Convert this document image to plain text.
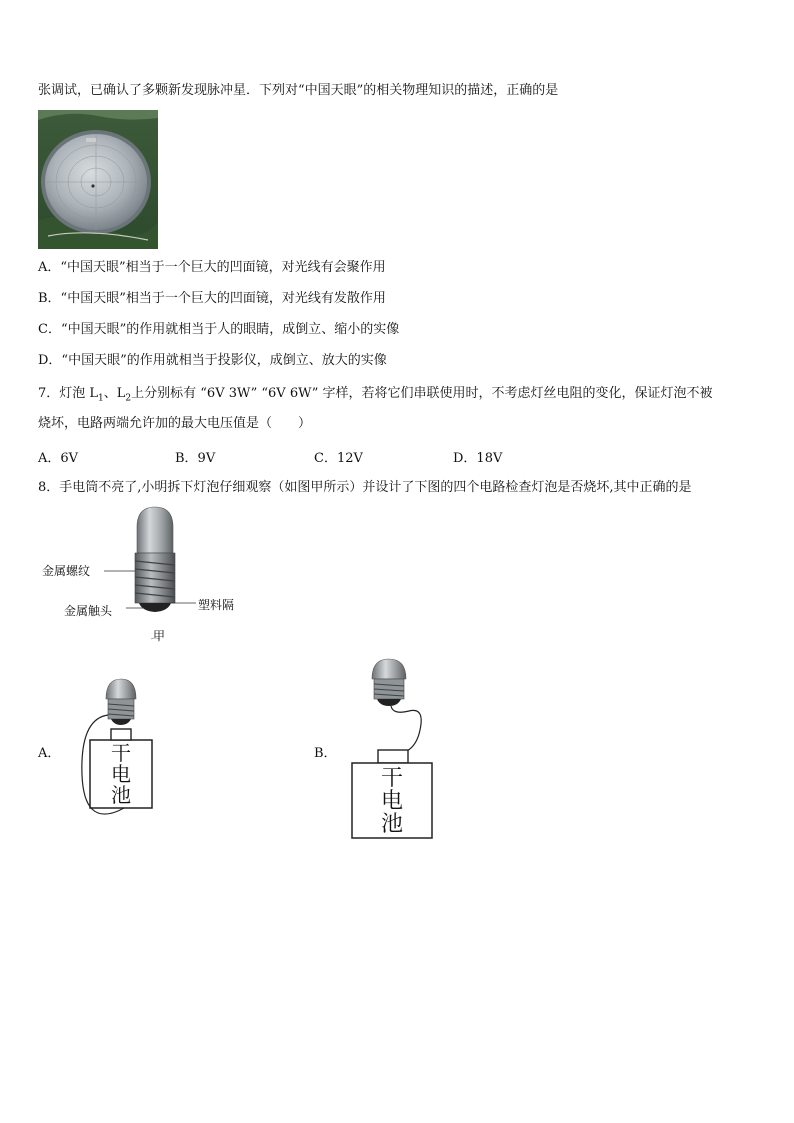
张调试，已确认了多颗新发现脉冲星．下列对“中国天眼”的相关物理知识的描述，正确的是
A．“中国天眼”相当于一个巨大的凹面镜，对光线有会聚作用
B．“中国天眼”相当于一个巨大的凹面镜，对光线有发散作用
C．“中国天眼”的作用就相当于人的眼睛，成倒立、缩小的实像
D．“中国天眼”的作用就相当于投影仪，成倒立、放大的实像
7．灯泡 $L_1$、$L_2$上分别标有 “6V 3W” “6V 6W” 字样，若将它们串联使用时，不考虑灯丝电阻的变化，保证灯泡不被
烧坏，电路两端允许加的最大电压值是（　　）
A．6V	B．9V	C．12V	D．18V
8．手电筒不亮了,小明拆下灯泡仔细观察（如图甲所示）并设计了下图的四个电路检查灯泡是否烧坏,其中正确的是
金属螺纹
金属触头	塑料隔
甲
A．	干
电
池
B．
干
电
池
